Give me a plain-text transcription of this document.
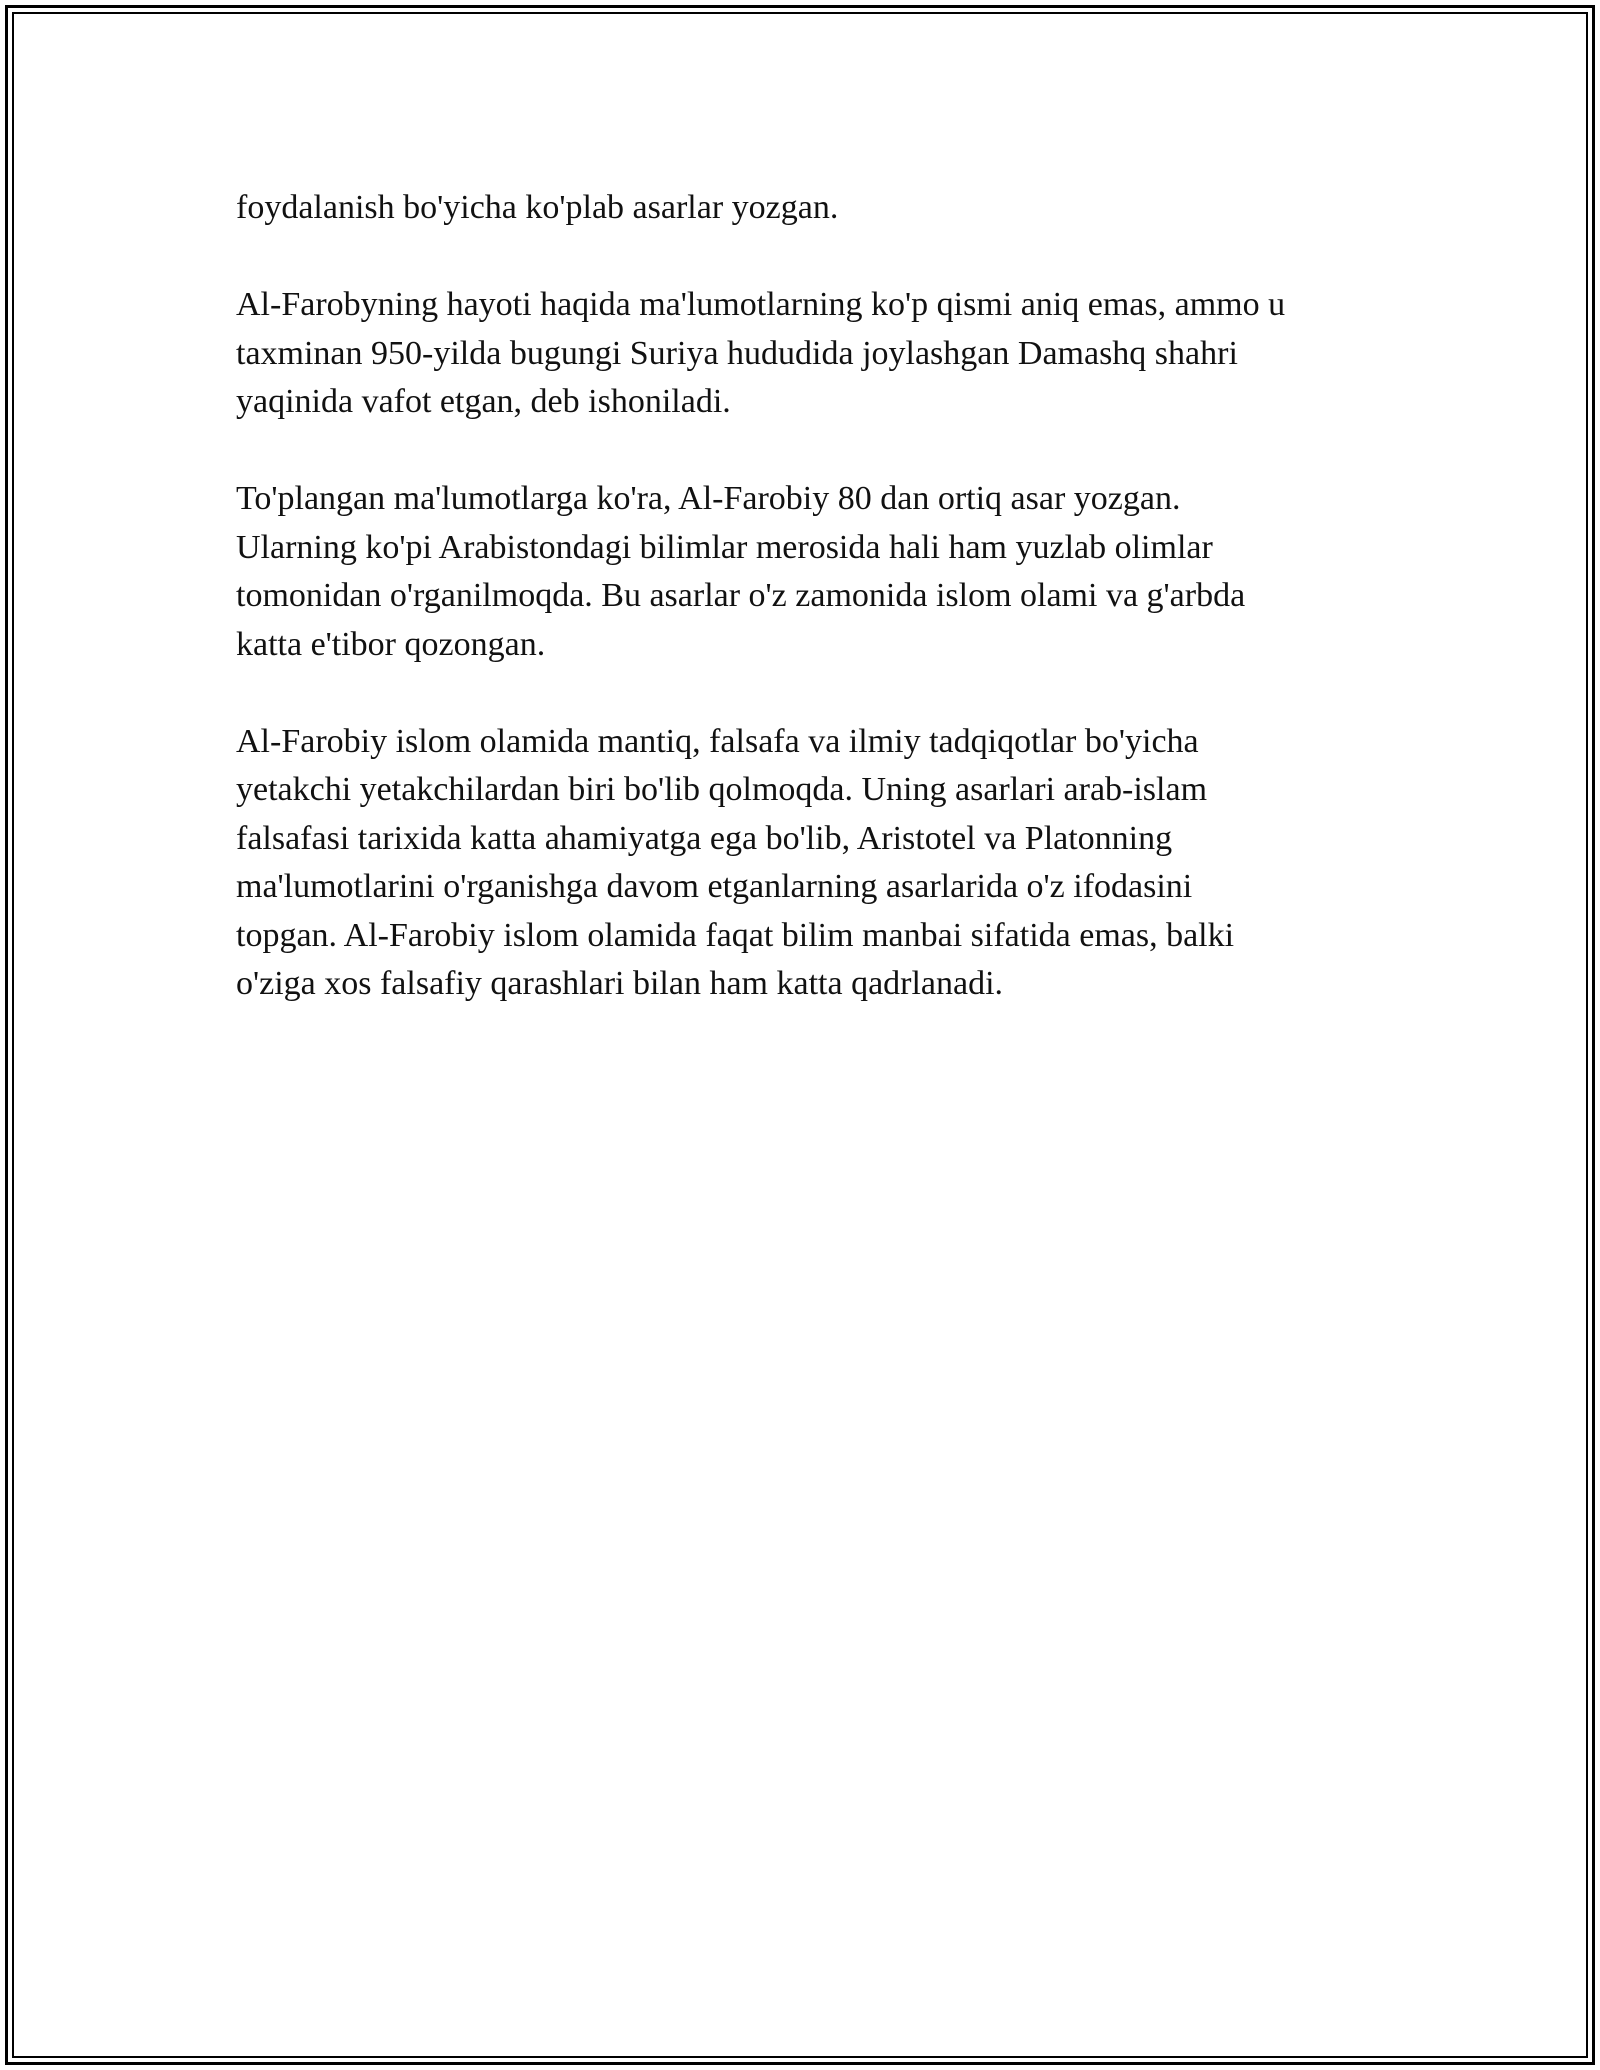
foydalanish bo'yicha ko'plab asarlar yozgan.

Al-Farobyning hayoti haqida ma'lumotlarning ko'p qismi aniq emas, ammo u
taxminan 950-yilda bugungi Suriya hududida joylashgan Damashq shahri
yaqinida vafot etgan, deb ishoniladi.

To'plangan ma'lumotlarga ko'ra, Al-Farobiy 80 dan ortiq asar yozgan.
Ularning ko'pi Arabistondagi bilimlar merosida hali ham yuzlab olimlar
tomonidan o'rganilmoqda. Bu asarlar o'z zamonida islom olami va g'arbda
katta e'tibor qozongan.

Al-Farobiy islom olamida mantiq, falsafa va ilmiy tadqiqotlar bo'yicha
yetakchi yetakchilardan biri bo'lib qolmoqda. Uning asarlari arab-islam
falsafasi tarixida katta ahamiyatga ega bo'lib, Aristotel va Platonning
ma'lumotlarini o'rganishga davom etganlarning asarlarida o'z ifodasini
topgan. Al-Farobiy islom olamida faqat bilim manbai sifatida emas, balki
o'ziga xos falsafiy qarashlari bilan ham katta qadrlanadi.
